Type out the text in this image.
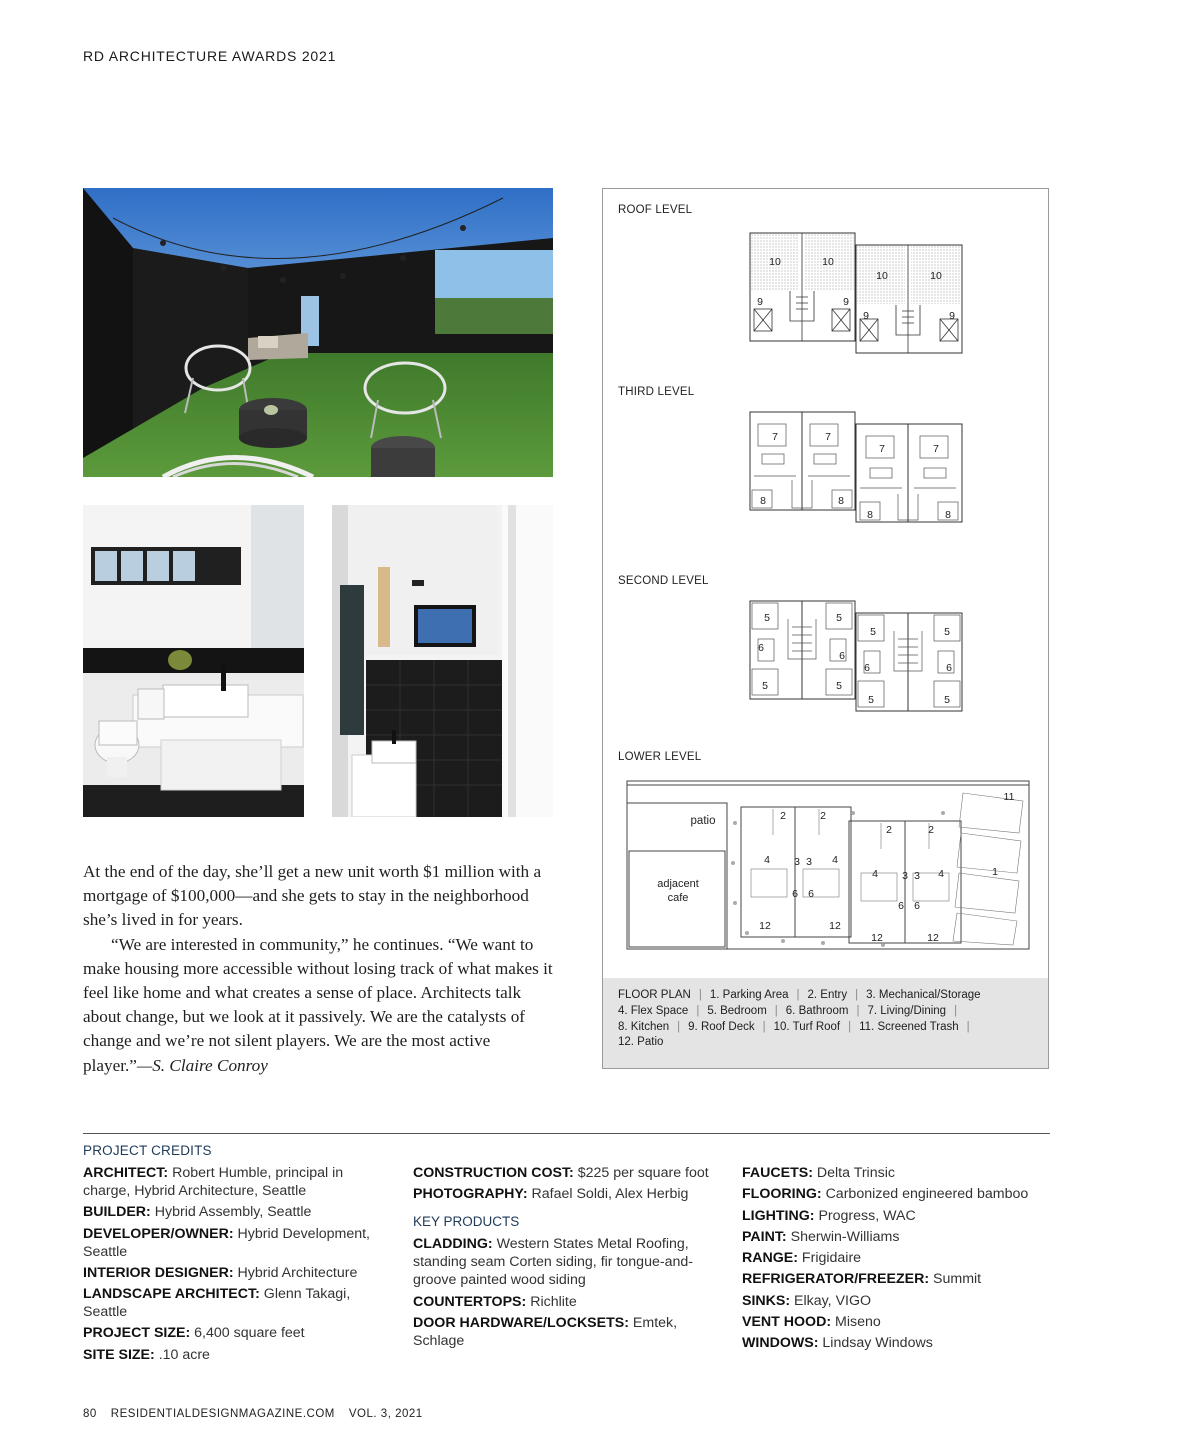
RD ARCHITECTURE AWARDS 2021

At the end of the day, she’ll get a new unit worth $1 million with a mortgage of $100,000—and she gets to stay in the neighborhood she’s lived in for years.

“We are interested in community,” he continues. “We want to make housing more accessible without losing track of what makes it feel like home and what creates a sense of place. Architects talk about change, but we look at it passively. We are the catalysts of change and we’re not silent players. We are the most active player.”—S. Claire Conroy

ROOF LEVEL
THIRD LEVEL
SECOND LEVEL
LOWER LEVEL
10	10
10	10
9	9
9	9
7	7
7	7
8	8
8	8
5	5
5	5
6
6
6	6
5	5
5	5
patio
adjacent
cafe
2	2
2	2
4 3 3 4
4 3 3 4
6 6
6 6
12	12
12	12
11
1
FLOOR PLAN | 1. Parking Area | 2. Entry | 3. Mechanical/Storage
4. Flex Space | 5. Bedroom | 6. Bathroom | 7. Living/Dining |
8. Kitchen | 9. Roof Deck | 10. Turf Roof | 11. Screened Trash |
12. Patio
PROJECT CREDITS
ARCHITECT: Robert Humble, principal in charge, Hybrid Architecture, Seattle
BUILDER: Hybrid Assembly, Seattle
DEVELOPER/OWNER: Hybrid Development, Seattle
INTERIOR DESIGNER: Hybrid Architecture
LANDSCAPE ARCHITECT: Glenn Takagi, Seattle
PROJECT SIZE: 6,400 square feet
SITE SIZE: .10 acre
CONSTRUCTION COST: $225 per square foot
PHOTOGRAPHY: Rafael Soldi, Alex Herbig
KEY PRODUCTS
CLADDING: Western States Metal Roofing, standing seam Corten siding, fir tongue-and-groove painted wood siding
COUNTERTOPS: Richlite
DOOR HARDWARE/LOCKSETS: Emtek, Schlage
FAUCETS: Delta Trinsic
FLOORING: Carbonized engineered bamboo
LIGHTING: Progress, WAC
PAINT: Sherwin-Williams
RANGE: Frigidaire
REFRIGERATOR/FREEZER: Summit
SINKS: Elkay, VIGO
VENT HOOD: Miseno
WINDOWS: Lindsay Windows
80 RESIDENTIALDESIGNMAGAZINE.COM VOL. 3, 2021
